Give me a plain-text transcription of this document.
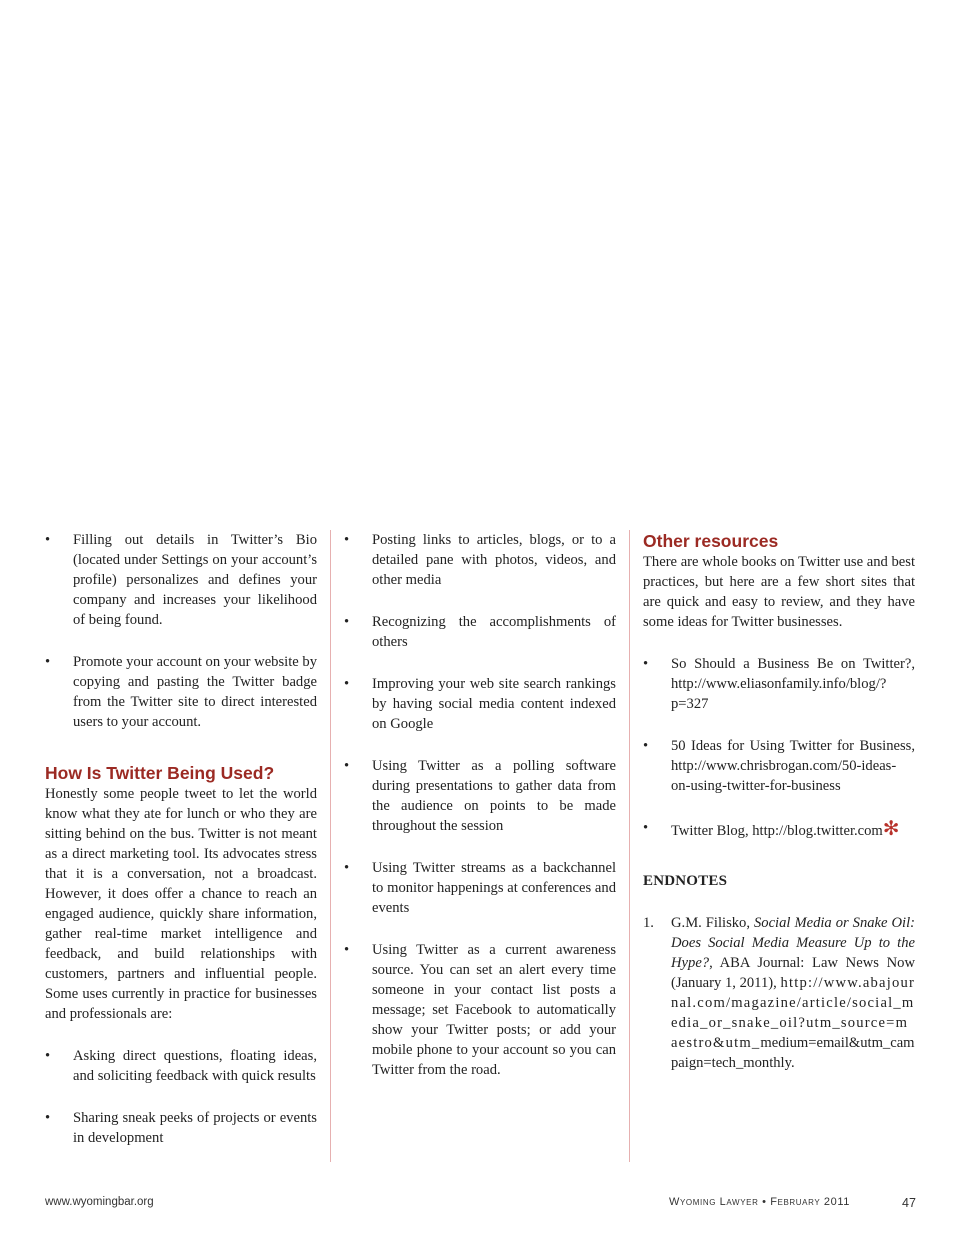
• Filling out details in Twitter’s Bio (located under Settings on your account’s profile) personalizes and defines your company and increases your likelihood of being found.
• Promote your account on your website by copying and pasting the Twitter badge from the Twitter site to direct interested users to your account.
How Is Twitter Being Used?

Honestly some people tweet to let the world know what they ate for lunch or who they are sitting behind on the bus. Twitter is not meant as a direct marketing tool. Its advocates stress that it is a conversation, not a broadcast. However, it does offer a chance to reach an engaged audience, quickly share information, gather real-time market intelligence and feedback, and build relationships with customers, partners and influential people. Some uses currently in practice for businesses and professionals are:

• Asking direct questions, floating ideas, and soliciting feedback with quick results
• Sharing sneak peeks of projects or events in development
• Posting links to articles, blogs, or to a detailed pane with photos, videos, and other media
• Recognizing the accomplishments of others
• Improving your web site search rankings by having social media content indexed on Google
• Using Twitter as a polling software during presentations to gather data from the audience on points to be made throughout the session
• Using Twitter streams as a backchannel to monitor happenings at conferences and events
• Using Twitter as a current awareness source. You can set an alert every time someone in your contact list posts a message; set Facebook to automatically show your Twitter posts; or add your mobile phone to your account so you can Twitter from the road.
Other resources

There are whole books on Twitter use and best practices, but here are a few short sites that are quick and easy to review, and they have some ideas for Twitter businesses.

• So Should a Business Be on Twitter?, http://www.eliasonfamily.info/blog/?p=327
• 50 Ideas for Using Twitter for Business, http://www.chrisbrogan.com/50-ideas-on-using-twitter-for-business
• Twitter Blog, http://blog.twitter.com✻
ENDNOTES
1. G.M. Filisko, Social Media or Snake Oil: Does Social Media Measure Up to the Hype?, ABA Journal: Law News Now (January 1, 2011), http://www.abajournal.com/magazine/article/social_media_or_snake_oil?utm_source=maestro&utm_medium=email&utm_campaign=tech_monthly.
www.wyomingbar.org	Wyoming Lawyer • February 2011	47
